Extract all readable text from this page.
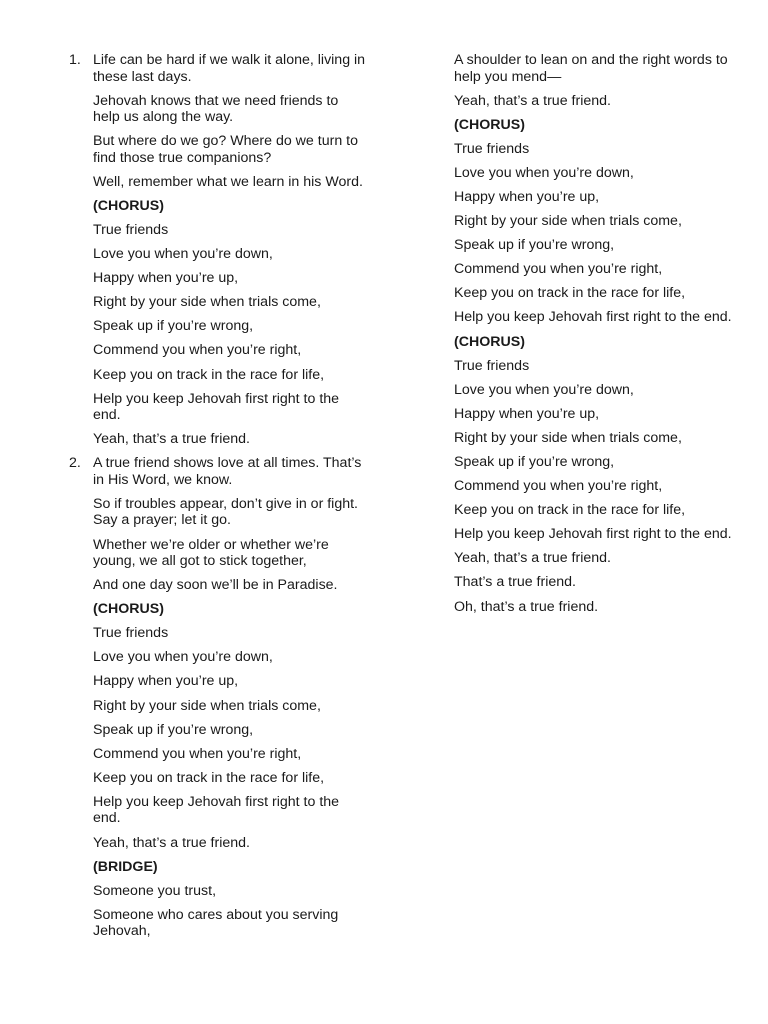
1. Life can be hard if we walk it alone, living in these last days.
Jehovah knows that we need friends to help us along the way.
But where do we go? Where do we turn to find those true companions?
Well, remember what we learn in his Word.
(CHORUS)
True friends
Love you when you’re down,
Happy when you’re up,
Right by your side when trials come,
Speak up if you’re wrong,
Commend you when you’re right,
Keep you on track in the race for life,
Help you keep Jehovah first right to the end.
Yeah, that’s a true friend.
2. A true friend shows love at all times. That’s in His Word, we know.
So if troubles appear, don’t give in or fight. Say a prayer; let it go.
Whether we’re older or whether we’re young, we all got to stick together,
And one day soon we’ll be in Paradise.
(CHORUS)
True friends
Love you when you’re down,
Happy when you’re up,
Right by your side when trials come,
Speak up if you’re wrong,
Commend you when you’re right,
Keep you on track in the race for life,
Help you keep Jehovah first right to the end.
Yeah, that’s a true friend.
(BRIDGE)
Someone you trust,
Someone who cares about you serving Jehovah,
A shoulder to lean on and the right words to help you mend—
Yeah, that’s a true friend.
(CHORUS)
True friends
Love you when you’re down,
Happy when you’re up,
Right by your side when trials come,
Speak up if you’re wrong,
Commend you when you’re right,
Keep you on track in the race for life,
Help you keep Jehovah first right to the end.
(CHORUS)
True friends
Love you when you’re down,
Happy when you’re up,
Right by your side when trials come,
Speak up if you’re wrong,
Commend you when you’re right,
Keep you on track in the race for life,
Help you keep Jehovah first right to the end.
Yeah, that’s a true friend.
That’s a true friend.
Oh, that’s a true friend.
